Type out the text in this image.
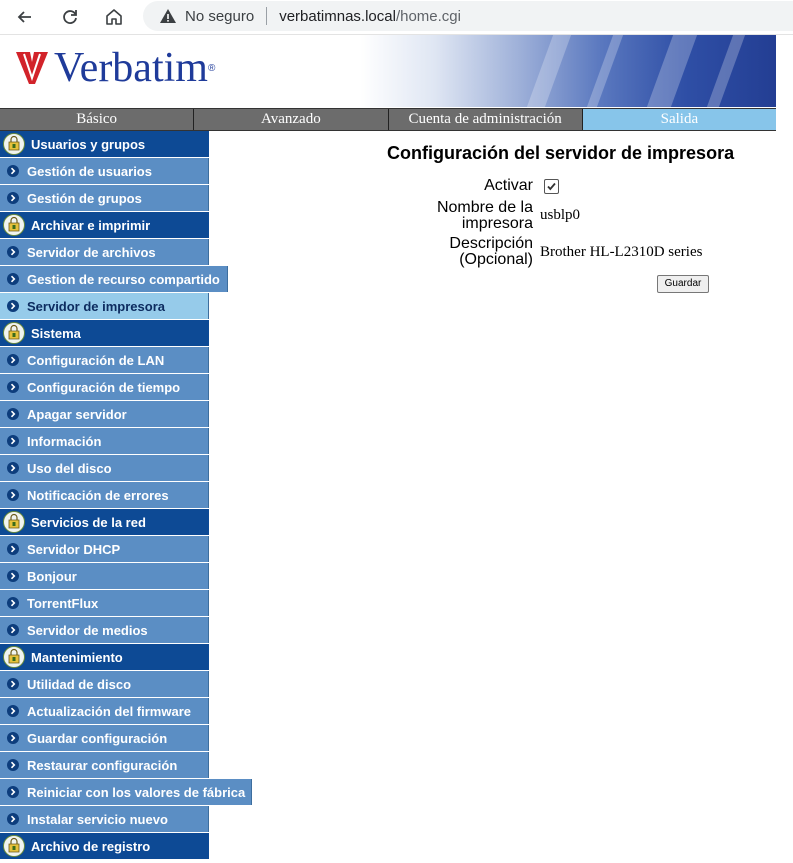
No seguro verbatimnas.local /home.cgi
Verbatim ®
Básico	Avanzado	Cuenta de administración	Salida
Usuarios y grupos
Gestión de usuarios
Gestión de grupos
Archivar e imprimir
Servidor de archivos
Gestion de recurso compartido
Servidor de impresora
Sistema
Configuración de LAN
Configuración de tiempo
Apagar servidor
Información
Uso del disco
Notificación de errores
Servicios de la red
Servidor DHCP
Bonjour
TorrentFlux
Servidor de medios
Mantenimiento
Utilidad de disco
Actualización del firmware
Guardar configuración
Restaurar configuración
Reiniciar con los valores de fábrica
Instalar servicio nuevo
Archivo de registro
Configuración del servidor de impresora
Activar
Nombre de la
impresora usblp0
Descripción
(Opcional) Brother HL-L2310D series
Guardar
